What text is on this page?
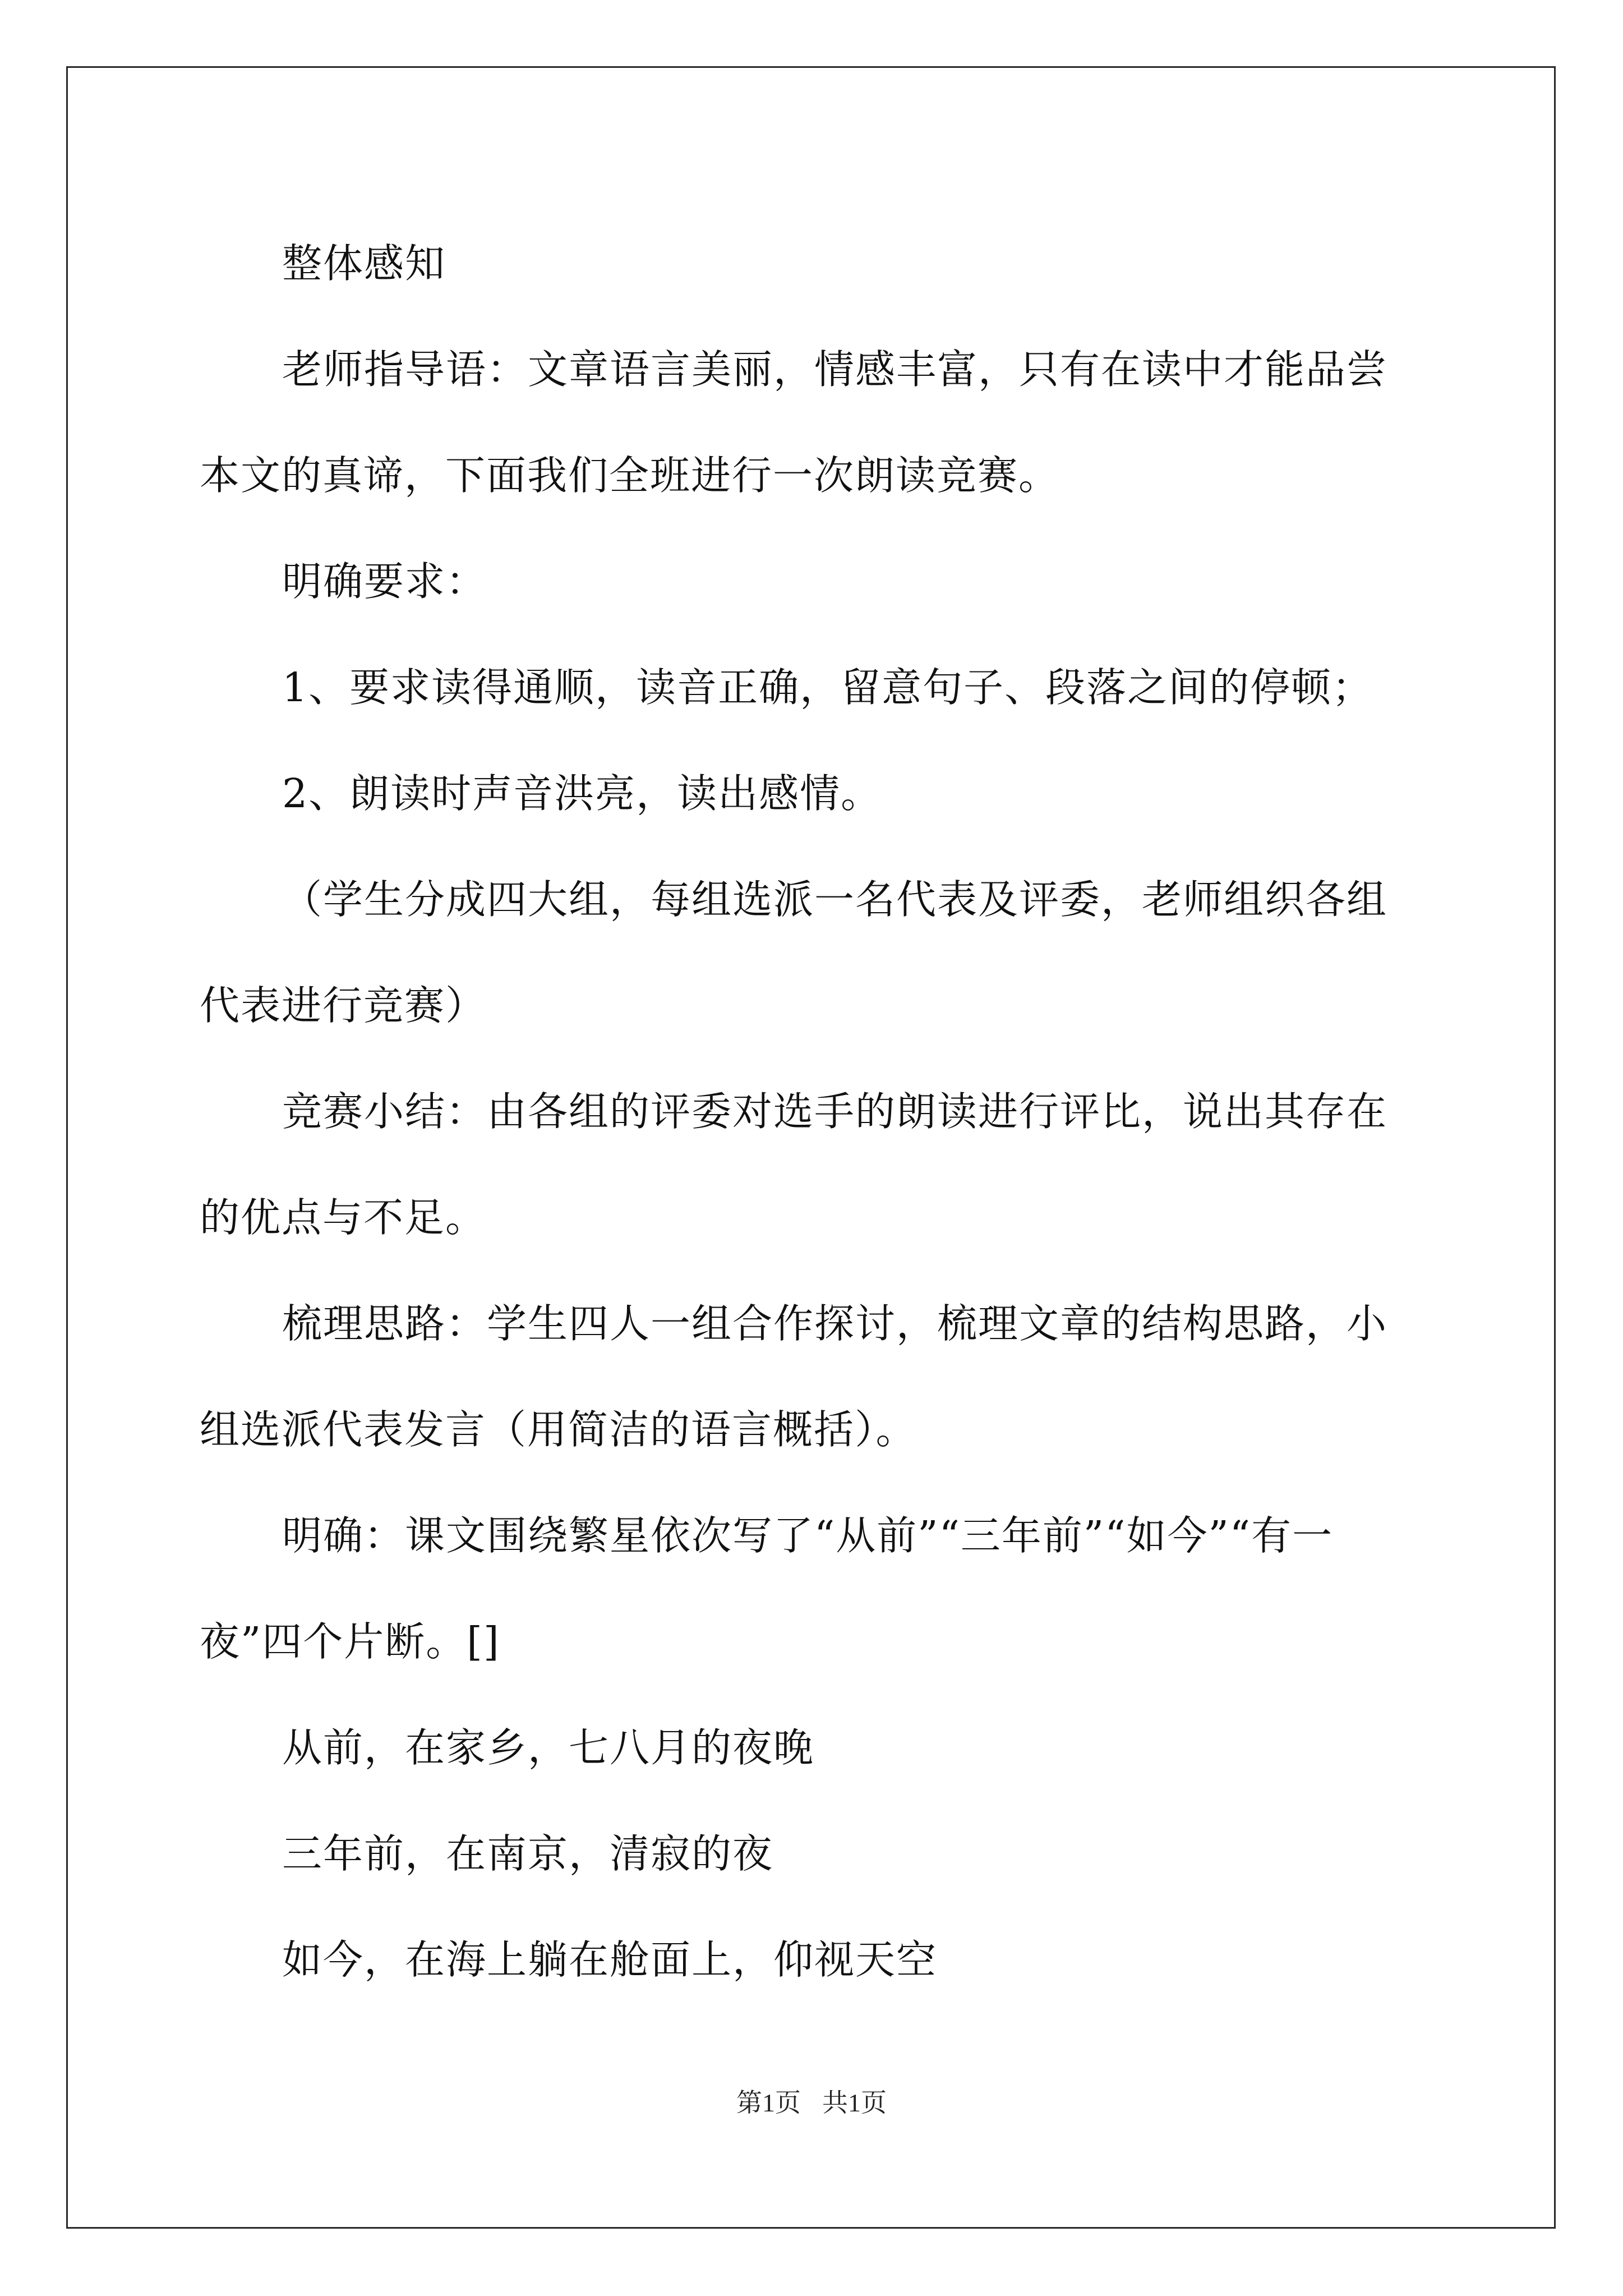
整体感知

老师指导语：文章语言美丽，情感丰富，只有在读中才能品尝本文的真谛，下面我们全班进行一次朗读竞赛。

明确要求：

1、要求读得通顺，读音正确，留意句子、段落之间的停顿；

2、朗读时声音洪亮，读出感情。

（学生分成四大组，每组选派一名代表及评委，老师组织各组代表进行竞赛）

竞赛小结：由各组的评委对选手的朗读进行评比，说出其存在的优点与不足。

梳理思路：学生四人一组合作探讨，梳理文章的结构思路，小组选派代表发言（用简洁的语言概括）。

明确：课文围绕繁星依次写了“从前”“三年前”“如今”“有一夜”四个片断。[]

从前，在家乡，七八月的夜晚

三年前，在南京，清寂的夜

如今，在海上躺在舱面上，仰视天空

第1页 共1页
